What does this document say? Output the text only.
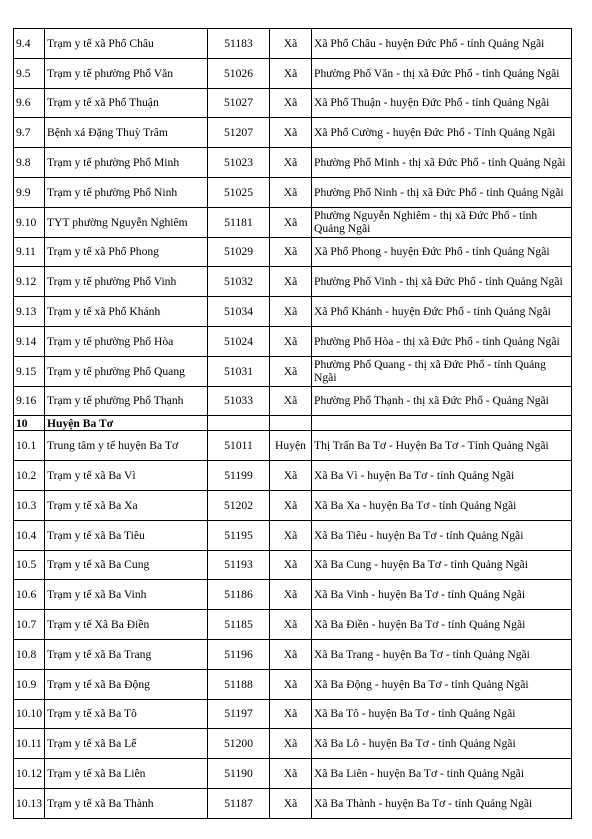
9.4	Trạm y tế xã Phổ Châu	51183	Xã	Xã Phổ Châu - huyện Đức Phổ - tỉnh Quảng Ngãi
9.5	Trạm y tế phường Phổ Văn	51026	Xã	Phường Phổ Văn - thị xã Đức Phổ - tỉnh Quảng Ngãi
9.6	Trạm y tế xã Phổ Thuận	51027	Xã	Xã Phổ Thuận - huyện Đức Phổ - tỉnh Quảng Ngãi
9.7	Bệnh xá Đặng Thuỳ Trâm	51207	Xã	Xã Phổ Cường - huyện Đức Phổ - Tỉnh Quảng Ngãi
9.8	Trạm y tế phường Phổ Minh	51023	Xã	Phường Phổ Minh - thị xã Đức Phổ - tỉnh Quảng Ngãi
9.9	Trạm y tế phường Phổ Ninh	51025	Xã	Phường Phổ Ninh - thị xã Đức Phổ - tỉnh Quảng Ngãi
9.10	TYT phường Nguyễn Nghiêm	51181	Xã	Phường Nguyễn Nghiêm - thị xã Đức Phổ - tỉnh Quảng Ngãi
9.11	Trạm y tế xã Phổ Phong	51029	Xã	Xã Phổ Phong - huyện Đức Phổ - tỉnh Quảng Ngãi
9.12	Trạm y tế phường Phổ Vinh	51032	Xã	Phường Phổ Vinh - thị xã Đức Phổ - tỉnh Quảng Ngãi
9.13	Trạm y tế xã Phổ Khánh	51034	Xã	Xã Phổ Khánh - huyện Đức Phổ - tỉnh Quảng Ngãi
9.14	Trạm y tế phường Phổ Hòa	51024	Xã	Phường Phổ Hòa - thị xã Đức Phổ - tỉnh Quảng Ngãi
9.15	Trạm y tế phường Phổ Quang	51031	Xã	Phường Phổ Quang - thị xã Đức Phổ - tỉnh Quảng Ngãi
9.16	Trạm y tế phường Phổ Thạnh	51033	Xã	Phường Phổ Thạnh - thị xã Đức Phổ - Quảng Ngãi
10	Huyện Ba Tơ			
10.1	Trung tâm y tế huyện Ba Tơ	51011	Huyện	Thị Trấn Ba Tơ - Huyện Ba Tơ - Tỉnh Quảng Ngãi
10.2	Trạm y tế xã Ba Vì	51199	Xã	Xã Ba Vì - huyện Ba Tơ - tỉnh Quảng Ngãi
10.3	Trạm y tế xã Ba Xa	51202	Xã	Xã Ba Xa - huyện Ba Tơ - tỉnh Quảng Ngãi
10.4	Trạm y tế xã Ba Tiêu	51195	Xã	Xã Ba Tiêu - huyện Ba Tơ - tỉnh Quảng Ngãi
10.5	Trạm y tế xã Ba Cung	51193	Xã	Xã Ba Cung - huyện Ba Tơ - tỉnh Quảng Ngãi
10.6	Trạm y tế xã Ba Vinh	51186	Xã	Xã Ba Vinh - huyện Ba Tơ - tỉnh Quảng Ngãi
10.7	Trạm y tế Xã Ba Điền	51185	Xã	Xã Ba Điền - huyện Ba Tơ - tỉnh Quảng Ngãi
10.8	Trạm y tế xã Ba Trang	51196	Xã	Xã Ba Trang - huyện Ba Tơ - tỉnh Quảng Ngãi
10.9	Trạm y tế xã Ba Động	51188	Xã	Xã Ba Động - huyện Ba Tơ - tỉnh Quảng Ngãi
10.10	Trạm y tế xã Ba Tô	51197	Xã	Xã Ba Tô - huyện Ba Tơ - tỉnh Quảng Ngãi
10.11	Trạm y tế xã Ba Lế	51200	Xã	Xã Ba Lô - huyện Ba Tơ - tỉnh Quảng Ngãi
10.12	Trạm y tế xã Ba Liên	51190	Xã	Xã Ba Liên - huyện Ba Tơ - tỉnh Quảng Ngãi
10.13	Trạm y tế xã Ba Thành	51187	Xã	Xã Ba Thành - huyện Ba Tơ - tỉnh Quảng Ngãi
